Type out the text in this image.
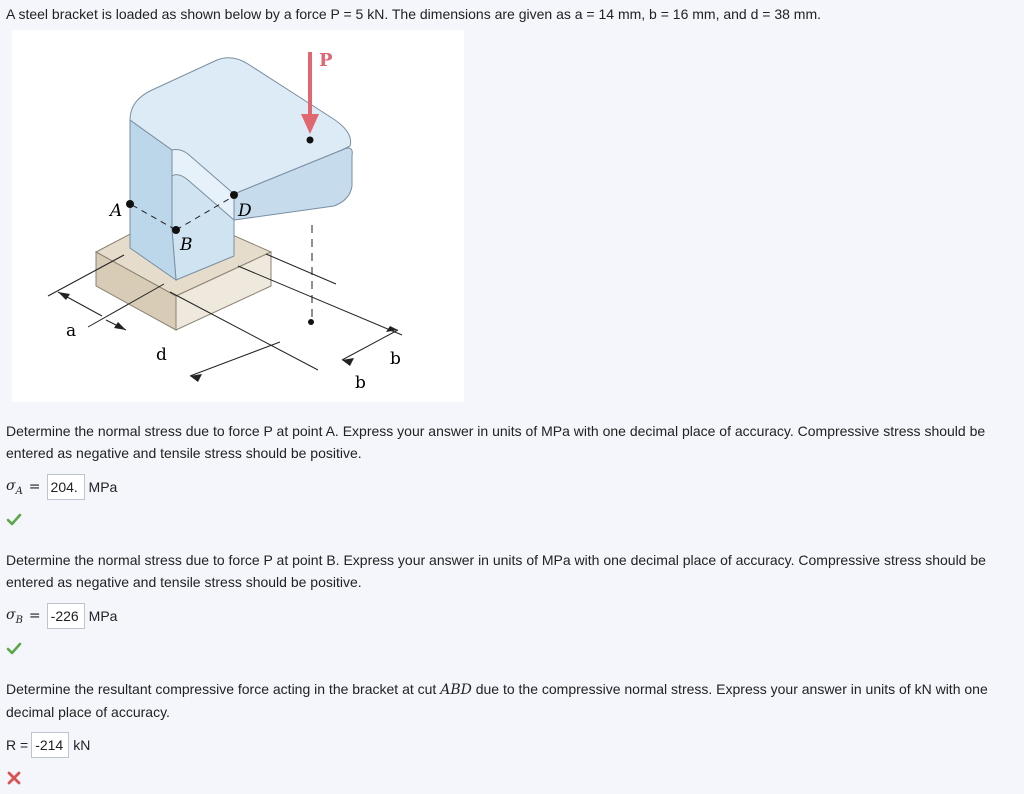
A steel bracket is loaded as shown below by a force P = 5 kN. The dimensions are given as a = 14 mm, b = 16 mm, and d = 38 mm.
P
A
B
D
a
d
b
b
Determine the normal stress due to force P at point A. Express your answer in units of MPa with one decimal place of accuracy. Compressive stress should be entered as negative and tensile stress should be positive.
$\sigma_A = 204$. MPa
Determine the normal stress due to force P at point B. Express your answer in units of MPa with one decimal place of accuracy. Compressive stress should be entered as negative and tensile stress should be positive.
$\sigma_B = -226$ MPa
Determine the resultant compressive force acting in the bracket at cut ABD due to the compressive normal stress. Express your answer in units of kN with one decimal place of accuracy.
R = -214 kN
